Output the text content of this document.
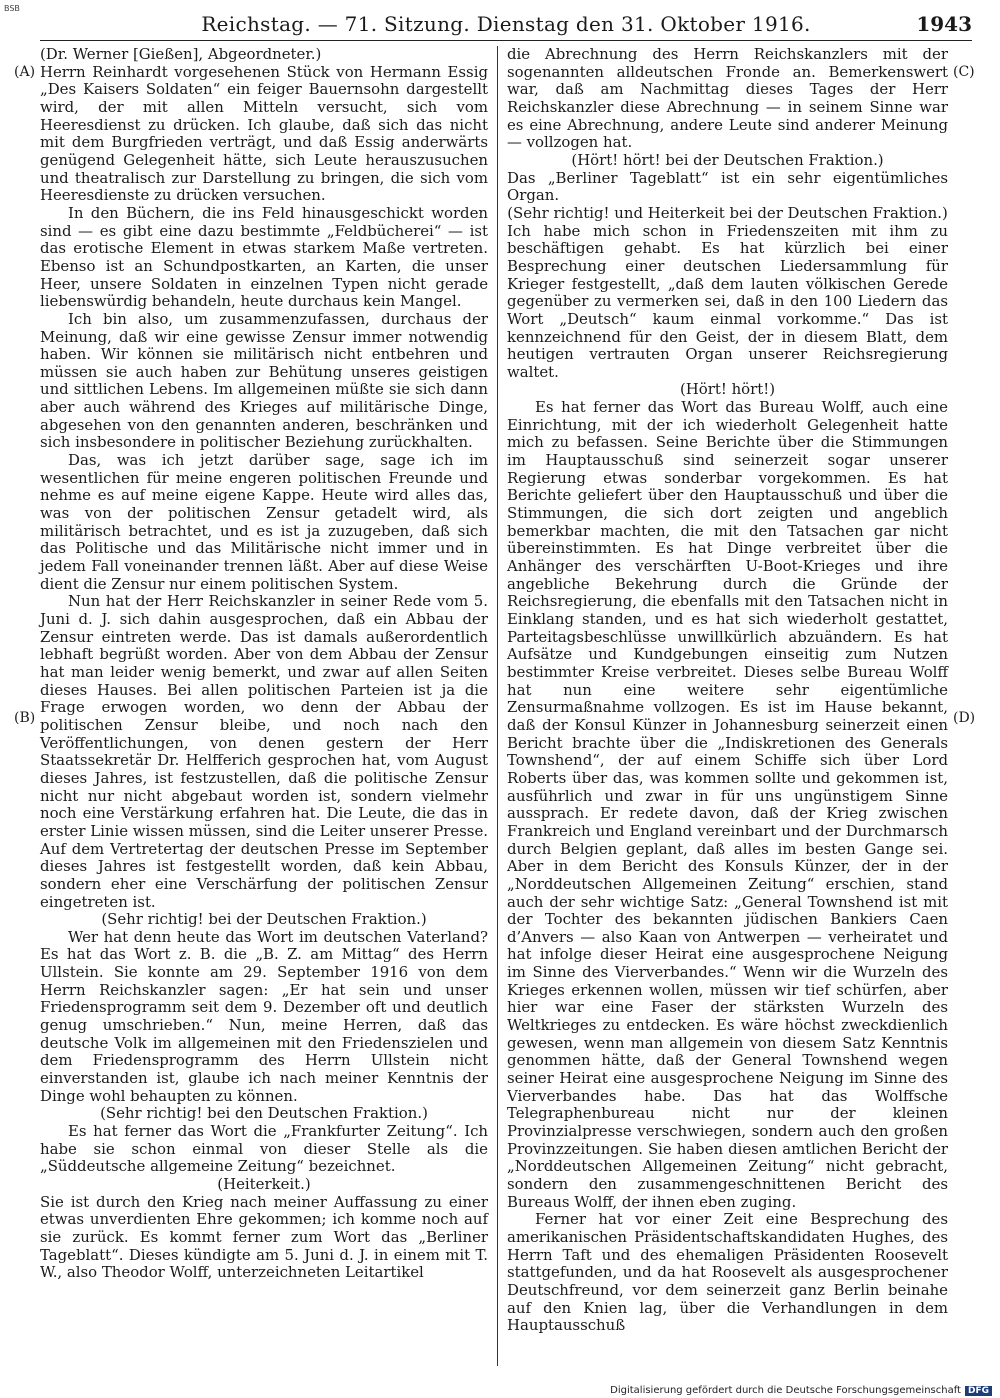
BSB
Reichstag. — 71. Sitzung. Dienstag den 31. Oktober 1916.	1943
(A)
(B)
(C)
(D)

(Dr. Werner [Gießen], Abgeordneter.)

Herrn Reinhardt vorgesehenen Stück von Hermann Essig „Des Kaisers Soldaten“ ein feiger Bauernsohn dargestellt wird, der mit allen Mitteln versucht, sich vom Heeresdienst zu drücken. Ich glaube, daß sich das nicht mit dem Burgfrieden verträgt, und daß Essig anderwärts genügend Gelegenheit hätte, sich Leute herauszusuchen und theatralisch zur Darstellung zu bringen, die sich vom Heeresdienste zu drücken versuchen.

In den Büchern, die ins Feld hinausgeschickt worden sind — es gibt eine dazu bestimmte „Feldbücherei“ — ist das erotische Element in etwas starkem Maße vertreten. Ebenso ist an Schundpostkarten, an Karten, die unser Heer, unsere Soldaten in einzelnen Typen nicht gerade liebenswürdig behandeln, heute durchaus kein Mangel.

Ich bin also, um zusammenzufassen, durchaus der Meinung, daß wir eine gewisse Zensur immer notwendig haben. Wir können sie militärisch nicht entbehren und müssen sie auch haben zur Behütung unseres geistigen und sittlichen Lebens. Im allgemeinen müßte sie sich dann aber auch während des Krieges auf militärische Dinge, abgesehen von den genannten anderen, beschränken und sich insbesondere in politischer Beziehung zurückhalten.

Das, was ich jetzt darüber sage, sage ich im wesentlichen für meine engeren politischen Freunde und nehme es auf meine eigene Kappe. Heute wird alles das, was von der politischen Zensur getadelt wird, als militärisch betrachtet, und es ist ja zuzugeben, daß sich das Politische und das Militärische nicht immer und in jedem Fall voneinander trennen läßt. Aber auf diese Weise dient die Zensur nur einem politischen System.

Nun hat der Herr Reichskanzler in seiner Rede vom 5. Juni d. J. sich dahin ausgesprochen, daß ein Abbau der Zensur eintreten werde. Das ist damals außerordentlich lebhaft begrüßt worden. Aber von dem Abbau der Zensur hat man leider wenig bemerkt, und zwar auf allen Seiten dieses Hauses. Bei allen politischen Parteien ist ja die Frage erwogen worden, wo denn der Abbau der politischen Zensur bleibe, und noch nach den Veröffentlichungen, von denen gestern der Herr Staatssekretär Dr. Helfferich gesprochen hat, vom August dieses Jahres, ist festzustellen, daß die politische Zensur nicht nur nicht abgebaut worden ist, sondern vielmehr noch eine Verstärkung erfahren hat. Die Leute, die das in erster Linie wissen müssen, sind die Leiter unserer Presse. Auf dem Vertretertag der deutschen Presse im September dieses Jahres ist festgestellt worden, daß kein Abbau, sondern eher eine Verschärfung der politischen Zensur eingetreten ist.

(Sehr richtig! bei der Deutschen Fraktion.)

Wer hat denn heute das Wort im deutschen Vaterland? Es hat das Wort z. B. die „B. Z. am Mittag“ des Herrn Ullstein. Sie konnte am 29. September 1916 von dem Herrn Reichskanzler sagen: „Er hat sein und unser Friedensprogramm seit dem 9. Dezember oft und deutlich genug umschrieben.“ Nun, meine Herren, daß das deutsche Volk im allgemeinen mit den Friedenszielen und dem Friedensprogramm des Herrn Ullstein nicht einverstanden ist, glaube ich nach meiner Kenntnis der Dinge wohl behaupten zu können.

(Sehr richtig! bei den Deutschen Fraktion.)

Es hat ferner das Wort die „Frankfurter Zeitung“. Ich habe sie schon einmal von dieser Stelle als die „Süddeutsche allgemeine Zeitung“ bezeichnet.

(Heiterkeit.)

Sie ist durch den Krieg nach meiner Auffassung zu einer etwas unverdienten Ehre gekommen; ich komme noch auf sie zurück. Es kommt ferner zum Wort das „Berliner Tageblatt“. Dieses kündigte am 5. Juni d. J. in einem mit T. W., also Theodor Wolff, unterzeichneten Leitartikel

die Abrechnung des Herrn Reichskanzlers mit der sogenannten alldeutschen Fronde an. Bemerkenswert war, daß am Nachmittag dieses Tages der Herr Reichskanzler diese Abrechnung — in seinem Sinne war es eine Abrechnung, andere Leute sind anderer Meinung — vollzogen hat.

(Hört! hört! bei der Deutschen Fraktion.)

Das „Berliner Tageblatt“ ist ein sehr eigentümliches Organ.

(Sehr richtig! und Heiterkeit bei der Deutschen Fraktion.)

Ich habe mich schon in Friedenszeiten mit ihm zu beschäftigen gehabt. Es hat kürzlich bei einer Besprechung einer deutschen Liedersammlung für Krieger festgestellt, „daß dem lauten völkischen Gerede gegenüber zu vermerken sei, daß in den 100 Liedern das Wort „Deutsch“ kaum einmal vorkomme.“ Das ist kennzeichnend für den Geist, der in diesem Blatt, dem heutigen vertrauten Organ unserer Reichsregierung waltet.

(Hört! hört!)

Es hat ferner das Wort das Bureau Wolff, auch eine Einrichtung, mit der ich wiederholt Gelegenheit hatte mich zu befassen. Seine Berichte über die Stimmungen im Hauptausschuß sind seinerzeit sogar unserer Regierung etwas sonderbar vorgekommen. Es hat Berichte geliefert über den Hauptausschuß und über die Stimmungen, die sich dort zeigten und angeblich bemerkbar machten, die mit den Tatsachen gar nicht übereinstimmten. Es hat Dinge verbreitet über die Anhänger des verschärften U-Boot-Krieges und ihre angebliche Bekehrung durch die Gründe der Reichsregierung, die ebenfalls mit den Tatsachen nicht in Einklang standen, und es hat sich wiederholt gestattet, Parteitagsbeschlüsse unwillkürlich abzuändern. Es hat Aufsätze und Kundgebungen einseitig zum Nutzen bestimmter Kreise verbreitet. Dieses selbe Bureau Wolff hat nun eine weitere sehr eigentümliche Zensurmaßnahme vollzogen. Es ist im Hause bekannt, daß der Konsul Künzer in Johannesburg seinerzeit einen Bericht brachte über die „Indiskretionen des Generals Townshend“, der auf einem Schiffe sich über Lord Roberts über das, was kommen sollte und gekommen ist, ausführlich und zwar in für uns ungünstigem Sinne aussprach. Er redete davon, daß der Krieg zwischen Frankreich und England vereinbart und der Durchmarsch durch Belgien geplant, daß alles im besten Gange sei. Aber in dem Bericht des Konsuls Künzer, der in der „Norddeutschen Allgemeinen Zeitung“ erschien, stand auch der sehr wichtige Satz: „General Townshend ist mit der Tochter des bekannten jüdischen Bankiers Caen d’Anvers — also Kaan von Antwerpen — verheiratet und hat infolge dieser Heirat eine ausgesprochene Neigung im Sinne des Vierverbandes.“ Wenn wir die Wurzeln des Krieges erkennen wollen, müssen wir tief schürfen, aber hier war eine Faser der stärksten Wurzeln des Weltkrieges zu entdecken. Es wäre höchst zweckdienlich gewesen, wenn man allgemein von diesem Satz Kenntnis genommen hätte, daß der General Townshend wegen seiner Heirat eine ausgesprochene Neigung im Sinne des Vierverbandes habe. Das hat das Wolffsche Telegraphenbureau nicht nur der kleinen Provinzialpresse verschwiegen, sondern auch den großen Provinzzeitungen. Sie haben diesen amtlichen Bericht der „Norddeutschen Allgemeinen Zeitung“ nicht gebracht, sondern den zusammengeschnittenen Bericht des Bureaus Wolff, der ihnen eben zuging.

Ferner hat vor einer Zeit eine Besprechung des amerikanischen Präsidentschaftskandidaten Hughes, des Herrn Taft und des ehemaligen Präsidenten Roosevelt stattgefunden, und da hat Roosevelt als ausgesprochener Deutschfreund, vor dem seinerzeit ganz Berlin beinahe auf den Knien lag, über die Verhandlungen in dem Hauptausschuß

Digitalisierung gefördert durch die Deutsche Forschungsgemeinschaft DFG
